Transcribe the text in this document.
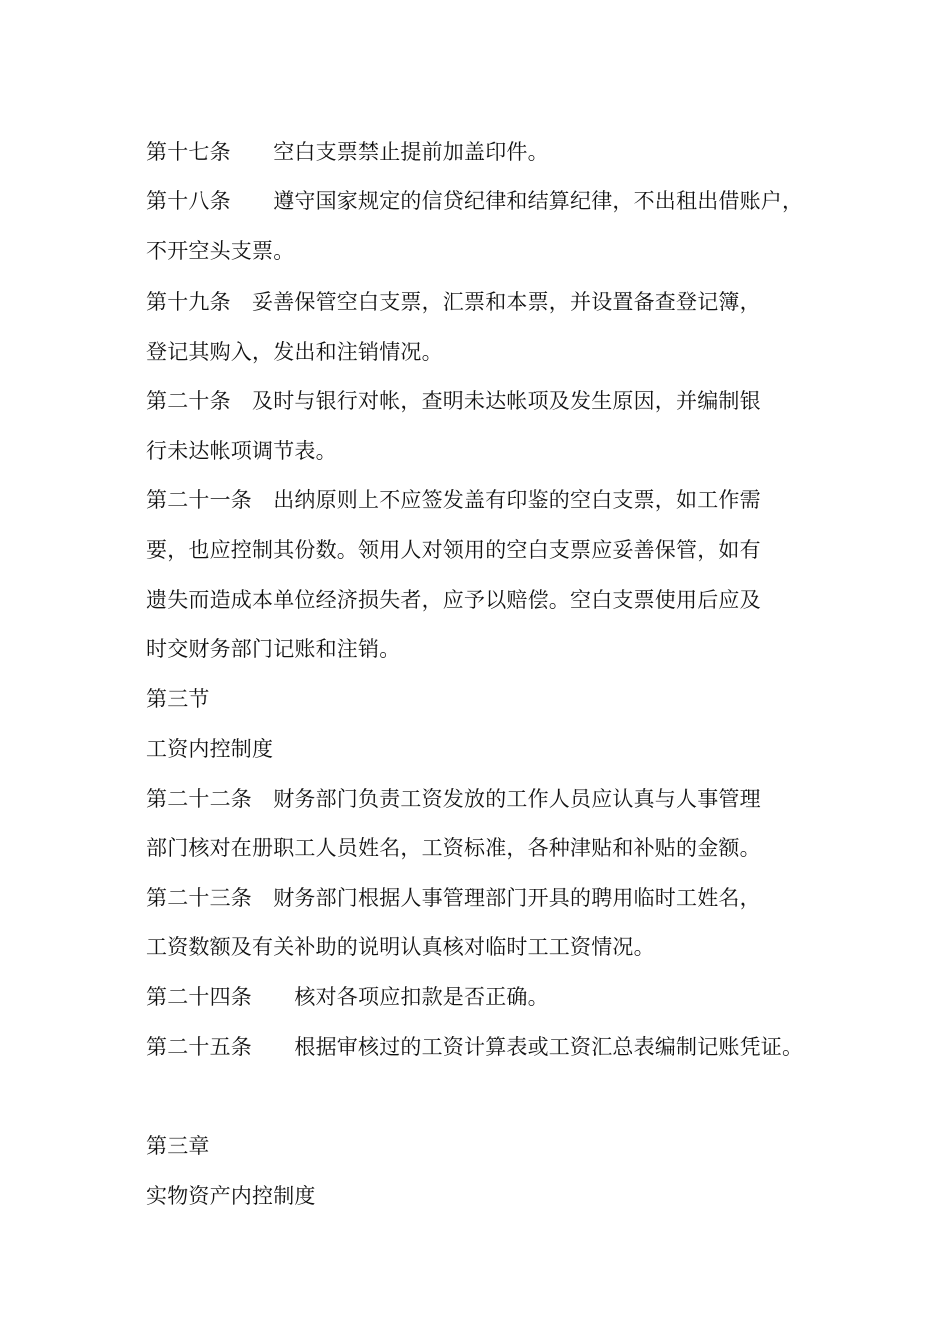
第十七条　　空白支票禁止提前加盖印件。
第十八条　　遵守国家规定的信贷纪律和结算纪律，不出租出借账户，
不开空头支票。
第十九条　妥善保管空白支票，汇票和本票，并设置备查登记簿，
登记其购入，发出和注销情况。
第二十条　及时与银行对帐，查明未达帐项及发生原因，并编制银
行未达帐项调节表。
第二十一条　出纳原则上不应签发盖有印鉴的空白支票，如工作需
要，也应控制其份数。领用人对领用的空白支票应妥善保管，如有
遗失而造成本单位经济损失者，应予以赔偿。空白支票使用后应及
时交财务部门记账和注销。
第三节
工资内控制度
第二十二条　财务部门负责工资发放的工作人员应认真与人事管理
部门核对在册职工人员姓名，工资标准，各种津贴和补贴的金额。
第二十三条　财务部门根据人事管理部门开具的聘用临时工姓名，
工资数额及有关补助的说明认真核对临时工工资情况。
第二十四条　　核对各项应扣款是否正确。
第二十五条　　根据审核过的工资计算表或工资汇总表编制记账凭证。
第三章
实物资产内控制度
